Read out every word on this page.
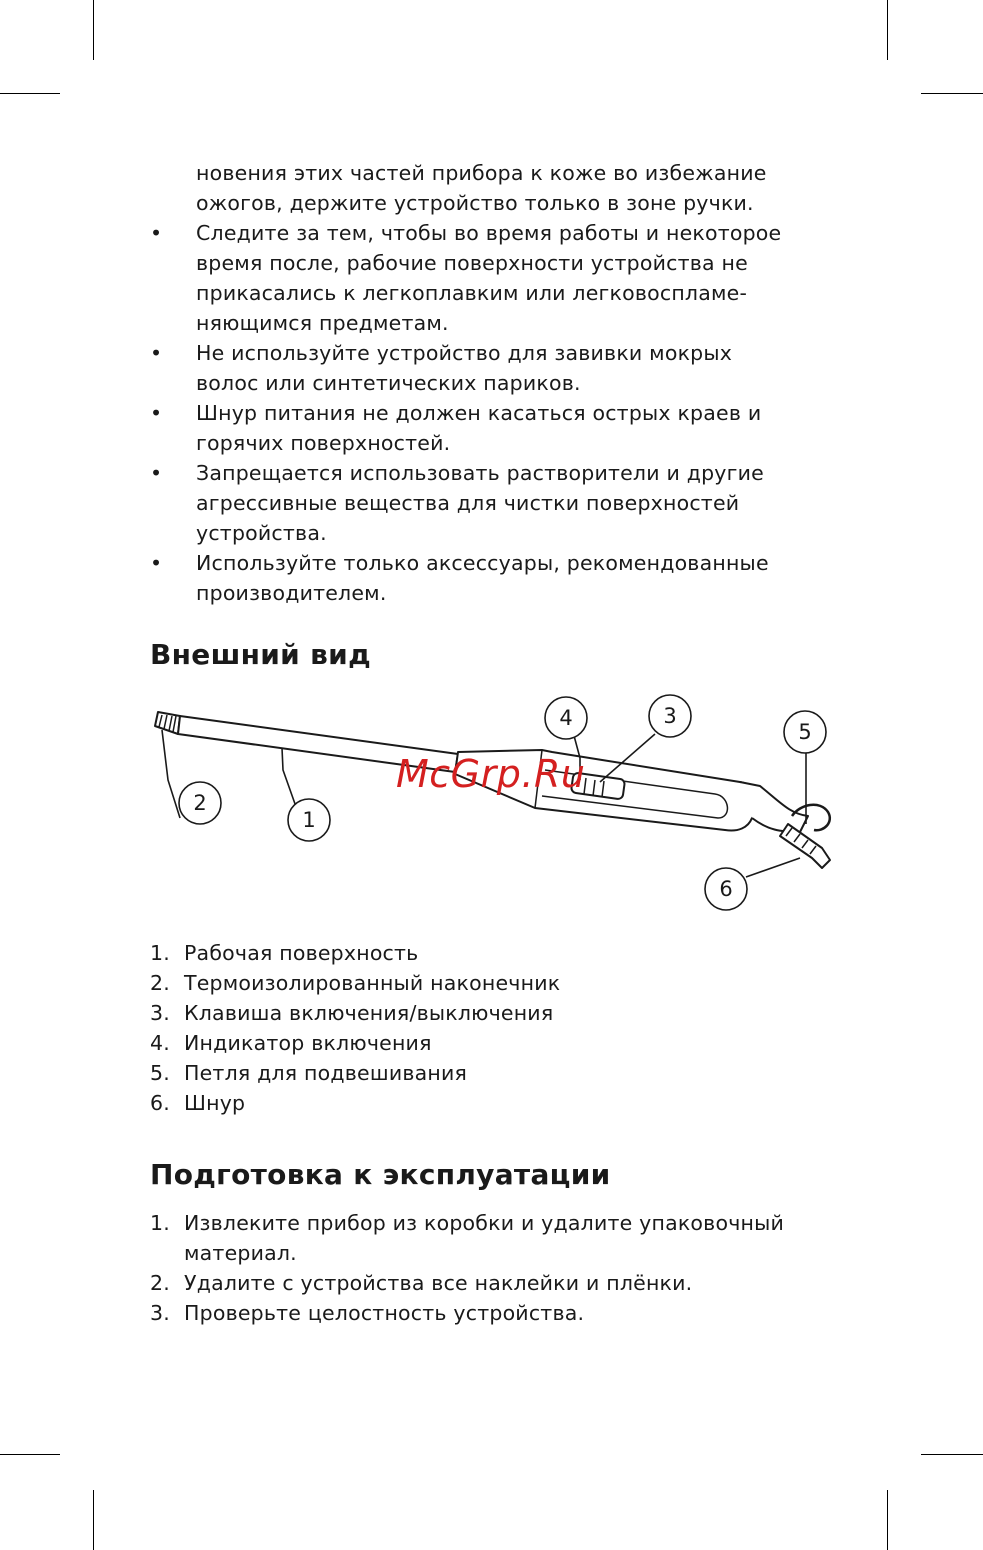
новения этих частей прибора к коже во избежание
ожогов, держите устройство только в зоне ручки.
• Следите за тем, чтобы во время работы и некоторое
время после, рабочие поверхности устройства не
прикасались к легкоплавким или легковоспламе-
няющимся предметам.
• Не используйте устройство для завивки мокрых
волос или синтетических париков.
• Шнур питания не должен касаться острых краев и
горячих поверхностей.
• Запрещается использовать растворители и другие
агрессивные вещества для чистки поверхностей
устройства.
• Используйте только аксессуары, рекомендованные
производителем.
Внешний вид
1
2
3
4
5
6
McGrp.Ru
1. Рабочая поверхность
2. Термоизолированный наконечник
3. Клавиша включения/выключения
4. Индикатор включения
5. Петля для подвешивания
6. Шнур
Подготовка к эксплуатации
1. Извлеките прибор из коробки и удалите упаковочный
материал.
2. Удалите с устройства все наклейки и плёнки.
3. Проверьте целостность устройства.
